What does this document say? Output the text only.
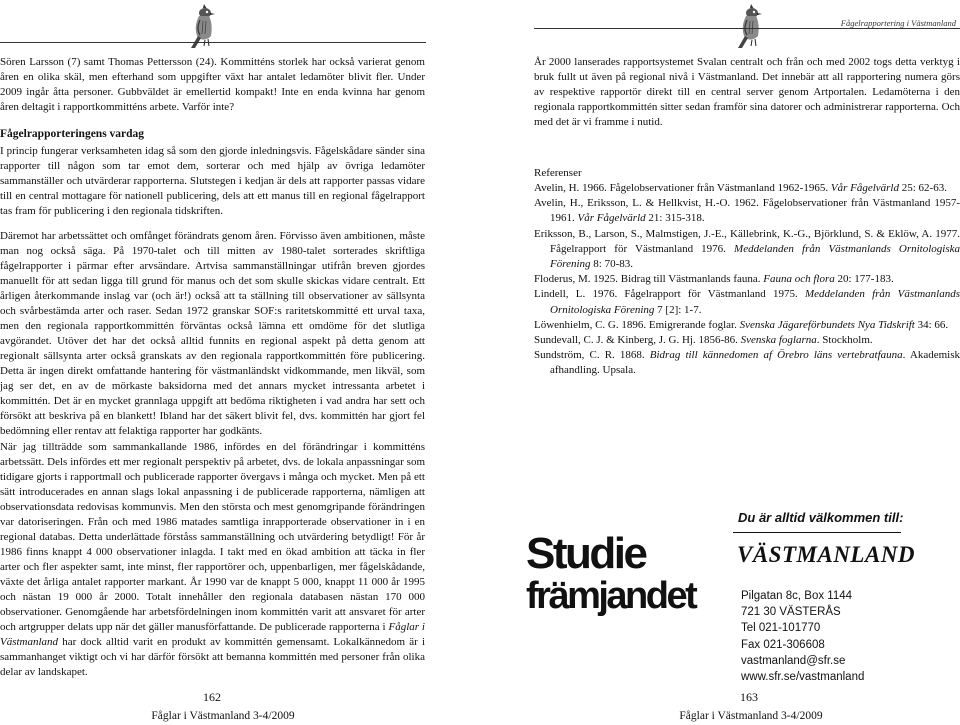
Fågelrapportering i Västmanland

Sören Larsson (7) samt Thomas Pettersson (24). Kommitténs storlek har också varierat genom åren en olika skäl, men efterhand som uppgifter växt har antalet ledamöter blivit fler. Under 2009 ingår åtta personer. Gubbväldet är emellertid kompakt! Inte en enda kvinna har genom åren deltagit i rapportkommitténs arbete. Varför inte?

Fågelrapporteringens vardag

I princip fungerar verksamheten idag så som den gjorde inledningsvis. Fågelskådare sänder sina rapporter till någon som tar emot dem, sorterar och med hjälp av övriga ledamöter sammanställer och utvärderar rapporterna. Slutstegen i kedjan är dels att rapporter passas vidare till en central mottagare för nationell publicering, dels att ett manus till en regional fågelrapport tas fram för publicering i den regionala tidskriften.

Däremot har arbetssättet och omfånget förändrats genom åren. Förvisso även ambitionen, måste man nog också säga. På 1970-talet och till mitten av 1980-talet sorterades skriftliga fågelrapporter i pärmar efter arvsändare. Artvisa sammanställningar utifrån breven gjordes manuellt för att sedan ligga till grund för manus och det som skulle skickas vidare centralt. Ett årligen återkommande inslag var (och är!) också att ta ställning till observationer av sällsynta och svårbestämda arter och raser. Sedan 1972 granskar SOF:s raritetskommitté ett urval taxa, men den regionala rapportkommittén förväntas också lämna ett omdöme för det slutliga avgörandet. Utöver det har det också alltid funnits en regional aspekt på detta genom att regionalt sällsynta arter också granskats av den regionala rapportkommittén före publicering. Detta är ingen direkt omfattande hantering för västmanländskt vidkommande, men likväl, som jag ser det, en av de mörkaste baksidorna med det annars mycket intressanta arbetet i kommittén. Det är en mycket grannlaga uppgift att bedöma riktigheten i vad andra har sett och försökt att beskriva på en blankett! Ibland har det säkert blivit fel, dvs. kommittén har gjort fel bedömning eller rentav att felaktiga rapporter har godkänts.

När jag tillträdde som sammankallande 1986, infördes en del förändringar i kommitténs arbetssätt. Dels infördes ett mer regionalt perspektiv på arbetet, dvs. de lokala anpassningar som tidigare gjorts i rapportmall och publicerade rapporter övergavs i många och mycket. Men på ett sätt introducerades en annan slags lokal anpassning i de publicerade rapporterna, nämligen att observationsdata redovisas kommunvis. Men den största och mest genomgripande förändringen var datoriseringen. Från och med 1986 matades samtliga inrapporterade observationer in i en regional databas. Detta underlättade förståss sammanställning och utvärdering betydligt! För år 1986 finns knappt 4 000 observationer inlagda. I takt med en ökad ambition att täcka in fler arter och fler aspekter samt, inte minst, fler rapportörer och, uppenbarligen, mer fågelskådande, växte det årliga antalet rapporter markant. År 1990 var de knappt 5 000, knappt 11 000 år 1995 och nästan 19 000 år 2000. Totalt innehåller den regionala databasen nästan 170 000 observationer. Genomgående har arbetsfördelningen inom kommittén varit att ansvaret för arter och artgrupper delats upp när det gäller manusförfattande. De publicerade rapporterna i Fåglar i Västmanland har dock alltid varit en produkt av kommittén gemensamt. Lokalkännedom är i sammanhanget viktigt och vi har därför försökt att bemanna kommittén med personer från olika delar av landskapet.

162
Fåglar i Västmanland 3-4/2009

År 2000 lanserades rapportsystemet Svalan centralt och från och med 2002 togs detta verktyg i bruk fullt ut även på regional nivå i Västmanland. Det innebär att all rapportering numera görs av respektive rapportör direkt till en central server genom Artportalen. Ledamöterna i den regionala rapportkommittén sitter sedan framför sina datorer och administrerar rapporterna. Och med det är vi framme i nutid.

Referenser

Avelin, H. 1966. Fågelobservationer från Västmanland 1962-1965. Vår Fågelvärld 25: 62-63.

Avelin, H., Eriksson, L. & Hellkvist, H.-O. 1962. Fågelobservationer från Västmanland 1957-1961. Vår Fågelvärld 21: 315-318.

Eriksson, B., Larson, S., Malmstigen, J.-E., Källebrink, K.-G., Björklund, S. & Eklöw, A. 1977. Fågelrapport för Västmanland 1976. Meddelanden från Västmanlands Ornitologiska Förening 8: 70-83.

Floderus, M. 1925. Bidrag till Västmanlands fauna. Fauna och flora 20: 177-183.

Lindell, L. 1976. Fågelrapport för Västmanland 1975. Meddelanden från Västmanlands Ornitologiska Förening 7 [2]: 1-7.

Löwenhielm, C. G. 1896. Emigrerande foglar. Svenska Jägareförbundets Nya Tidskrift 34: 66.

Sundevall, C. J. & Kinberg, J. G. Hj. 1856-86. Svenska foglarna. Stockholm.

Sundström, C. R. 1868. Bidrag till kännedomen af Örebro läns vertebratfauna. Akademisk afhandling. Upsala.

Du är alltid välkommen till:
VÄSTMANLAND
Studie
främjandet	Pilgatan 8c, Box 1144
721 30 VÄSTERÅS
Tel 021-101770
Fax 021-306608
vastmanland@sfr.se
www.sfr.se/vastmanland
163
Fåglar i Västmanland 3-4/2009
